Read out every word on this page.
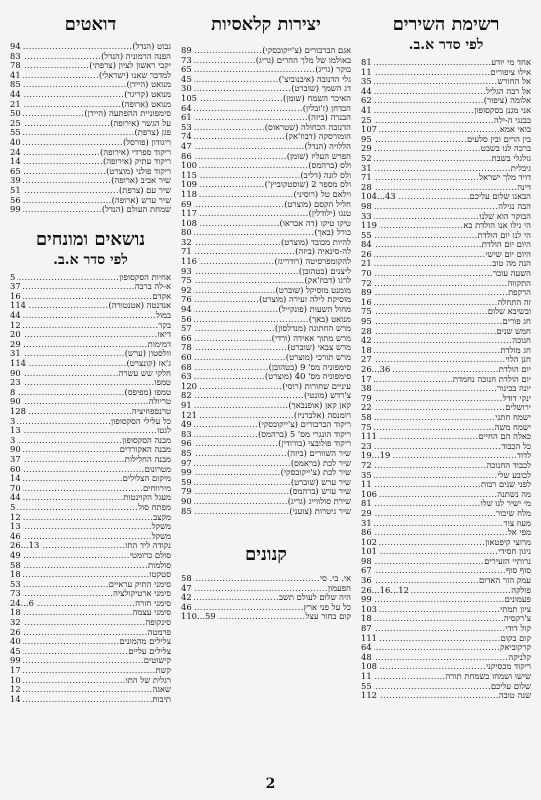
רשימת השירים
לפי סדר א.ב.
אחד מי יודע
.....
81
אילו ציפורים
.....
11
אל החורש
.....
35
אל רבה הגליל
.....
44
אלומה (ציפור)
.....
62
אני מגנן בסקסופון
.....
41
בבנגי ה-ילה
.....
25
בואי אמא
.....
107
בין הרים ובין סלעים
.....
95
ברכה לנו בשבט
.....
29
גולגלי בשבת
.....
52
גיבלית
.....
31
דויד מלך ישראל
.....
71
דינה
.....
28
הבאנו שלום עליכם
.....
104...43
הבה נגילה
.....
98
הבוקר הוא שלנו
.....
33
הי גילו אנו הולדת בא
.....
119
הי לנו יום הולדת
.....
55
היום יום הולדת
.....
84
היום יום שישי
.....
26
הנה מה טוב
.....
21
השעה עובר
.....
70
התקווה
.....
72
הרקפת
.....
89
זה התחלה
.....
16
ובשיבא שלום
.....
75
חג פורים
.....
95
חמש שנים
.....
28
חנוכה
.....
42
חג מולדת
.....
18
חנן הלוי
.....
27
יום הולדת
.....
26...36
יום הולדת חנוכה נחמדת
.....
17
יונה בכינור
.....
38
ינקי דודל
.....
79
ירושלים
.....
22
ישמח חתני
.....
58
ישמח משה
.....
75
כאלה הם החיים
.....
111
כל הכבוד
.....
23
לדוד
.....
19...19
לכבוד החנוכה
.....
72
לכובע שלי
.....
35
לפני שנים רבות
.....
11
מה נשתנה
.....
106
מי ישיר לנו שלו
.....
81
מלח שיכור
.....
29
מעוז צור
.....
31
מפי אל
.....
86
מרוצי קיפטאון
.....
102
ניגון חסידי
.....
101
נרותיי הזעירים
.....
98
סוף סוף
.....
67
עמק הזר האדום
.....
36
פולקה
.....
26...16...12
פעמונים
.....
99
ציון תמתי
.....
103
צ'רקסיה
.....
18
קול דודי
.....
87
קום בקום
.....
111
קרקוביאק
.....
64
קלניקה
.....
48
ריקוד מכסיקני
.....
108
שישו ושמחו בשמחת תורה
.....
11
שלום עליכם
.....
55
שנה טובה
.....
112
יצירות קלאסיות
אגם הברבורים (צ'ייקובסקי)
.....
89
באולמו של מלך ההרים (גריג)
.....
73
בוקר (גריג)
.....
65
גלי הדנובה (איבנוביצ')
.....
45
דג השמך (שוברט)
.....
30
האיכר השמח (שומן)
.....
105
הבדחן (ז'ובלין)
.....
64
הבנרה (ביזה)
.....
61
הדנובה הכחולה (שטראוס)
.....
53
הומורסקה (דבוז'אק)
.....
74
הללויה (הנדל)
.....
47
הפרש העליז (שומן)
.....
86
ולס (ברהמס)
.....
100
ולס לונה (דליב)
.....
115
ולס מספר 2 (שוסטקוביץ')
.....
109
וילאם טל (רוסיני)
.....
118
חליל הקסם (מוצרט)
.....
69
טנגו (ילודלין)
.....
117
טיקו טיקו (דה אבראו)
.....
108
כורל (באך)
.....
80
להיות מכובד (מוצרט)
.....
32
לה-סינאיה (ביזה)
.....
71
להקומפרסיטה (רודריגז)
.....
116
ליצנים (בטהובן)
.....
93
לרגו (דבוז'אק)
.....
75
מומנט מוסיקל (שוברט)
.....
92
מוסיקת לילה זעירה (מוצרט)
.....
76
מחול השעות (פונקייל)
.....
94
מנואט (באך)
.....
56
מרש החתונה (מנדלסון)
.....
57
מרש מתוך אאידה (ורדי)
.....
66
מרש צבאי (שוברט)
.....
78
מרש תורכי (מוצרט)
.....
60
סימפוניה מס' 9 (בטהובן)
.....
68
סימפוניה מס' 40 (מוצרט)
.....
63
עיניים שחורות (רוסי)
.....
120
צ'רדש (מונטי)
.....
82
קאן קאן (אופנבאך)
.....
91
רומנסה (אלברניז)
.....
121
ריקוד הברבורים (צ'ייקובסקי)
.....
49
ריקוד הונגרי מס' 5 (ברהמס)
.....
83
ריקוד פולובצי (בורודין)
.....
96
שיר השוורים (ביזה)
.....
85
שיר לכת (בראמס)
.....
97
שיר לכת (צ'ייקובסקי)
.....
99
שיר ערש (שוברט)
.....
59
שיר ערש (ברהמס)
.....
79
שירת סולווייג (גריג)
.....
90
שיר גיטרות (צועני)
.....
85
קנונים
אי. בי. סי
.....
58
הפעמון
.....
47
היה שלום לעולם תשב
.....
42
כל על פני ארץ
.....
46
קום בחור עצל
.....
110...59
דואטים
גבוט (הנדל)
.....
94
הפנה הרמוניה (הנדל)
.....
83
יקבי ראשון לציון (צרפתי)
.....
78
למדבר שאנו (ישראלי)
.....
41
מנואט (היידן)
.....
85
מנואט (קריגר)
.....
44
מנואט (ארופה)
.....
21
סימפוניית ההפתעה (היידן)
.....
50
על הגשר (אירופה)
.....
25
פגן (צרפת)
.....
55
ריגודון (פורסל)
.....
40
ריקוד ספרדי (אירופה)
.....
24
ריקוד עתיק (אירופה)
.....
14
ריקוד פולני (מוצרט)
.....
65
שיר אביב (ארופה)
.....
39
שיר עם (צרפת)
.....
51
שיר ערש (ארופה)
.....
56
שמחת העולם (הנדל)
.....
99
נושאים ומונחים
לפי סדר א.ב.
אחיות הסקסופון
.....
5
א-לה ברבה
.....
37
אקדם
.....
16
אנדנטה (אטנטורה)
.....
114
במול
.....
44
בקר
.....
12
דיאז
.....
20
דמימות
.....
29
וולסטון (ערש)
.....
31
ג'אז (קונצרט)
.....
114
חלקי שש עשרה
.....
90
טמפו
.....
23
טמפו (מפיפס)
.....
8
טריולה
.....
90
טרנספוזיציה
.....
128
כל עלילי הסקסופון
.....
3
לגטו
.....
13
מבנה הסקסופון
.....
3
מבנה האקורדים
.....
90
מבנה החלילות
.....
37
מטרונום
.....
60
מיקום הצלילים
.....
14
מירווחים
.....
70
מעגל הקוינטות
.....
44
מפתח סול
.....
5
מקצב
.....
12
משקל
.....
13
משקל
.....
46
נקודה ליד התו
.....
26...13
סולם כרומטי
.....
49
סולמות
.....
58
סטקטו
.....
18
סימני התיק עראיים
.....
53
סימני ארטיקולציה
.....
73
סימני חזרה
.....
24...6
סימני עצמה
.....
18
סינקופה
.....
32
פרמטה
.....
26
צלילים מהמונים
.....
40
צלילים עליים
.....
45
קישוטים
.....
99
קשת
.....
17
רגלית של התו
.....
10
שאגה
.....
12
תיבות
.....
14
2
